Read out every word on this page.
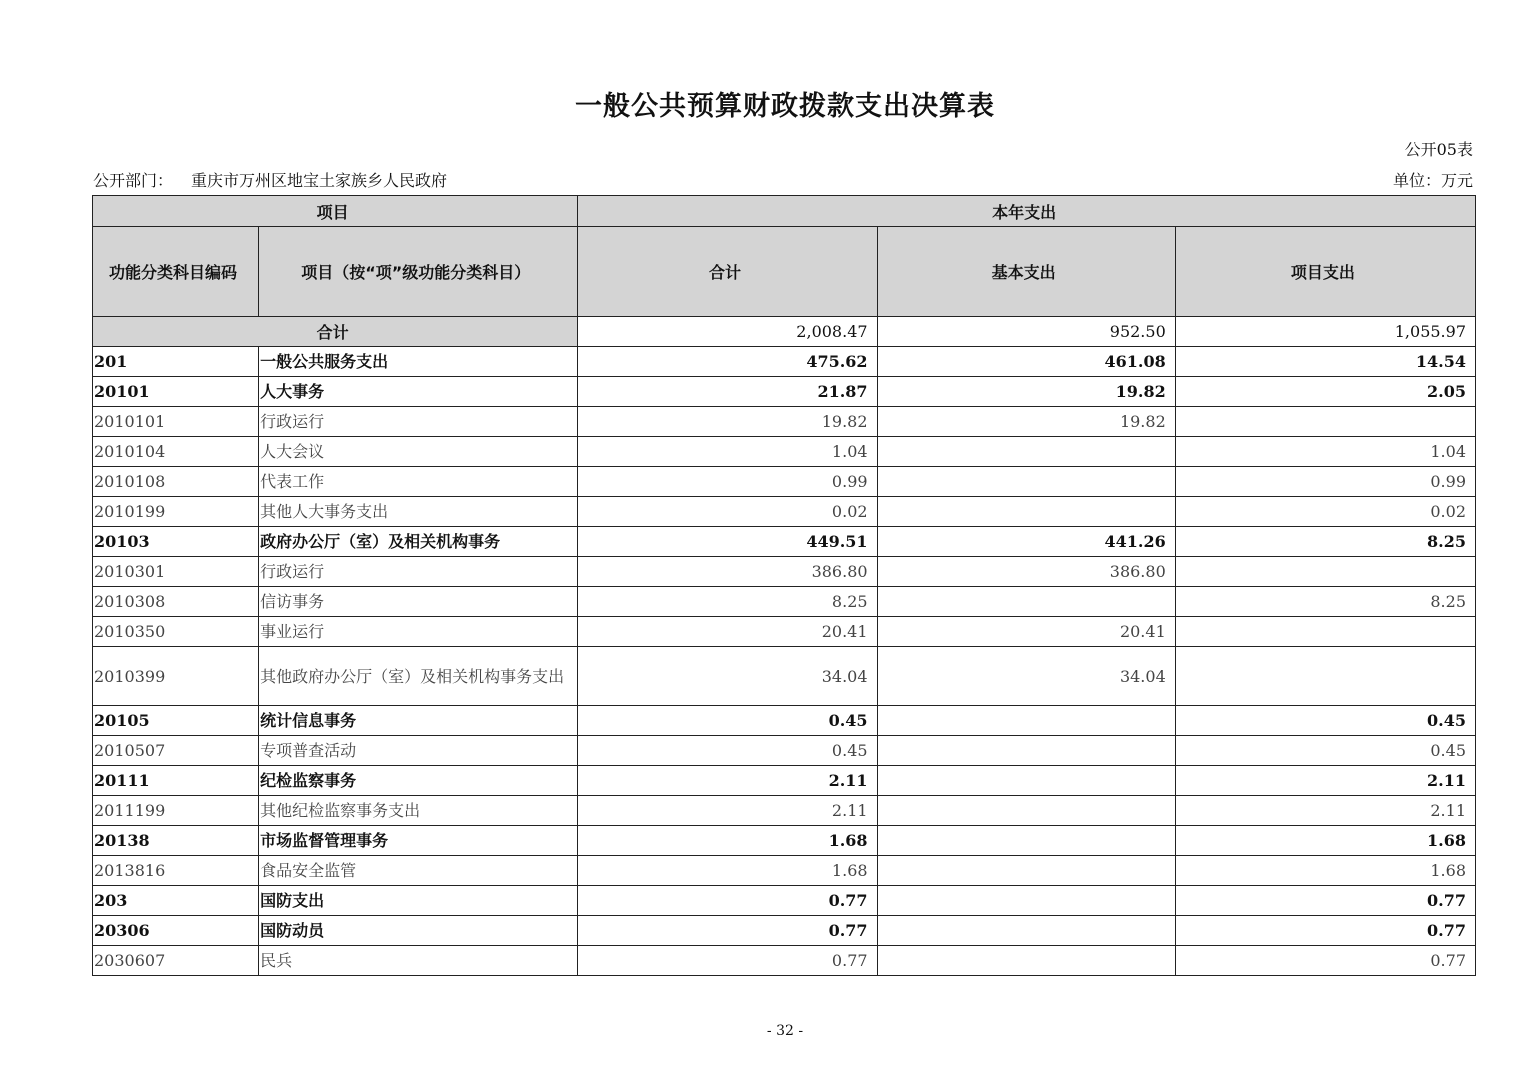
一般公共预算财政拨款支出决算表
公开05表
公开部门： 重庆市万州区地宝土家族乡人民政府	单位：万元
项目		本年支出		
功能分类科目编码	项目（按“项”级功能分类科目）	合计	基本支出	项目支出
合计		2,008.47	952.50	1,055.97
201	一般公共服务支出	475.62	461.08	14.54
20101	人大事务	21.87	19.82	2.05
2010101	行政运行	19.82	19.82	
2010104	人大会议	1.04		1.04
2010108	代表工作	0.99		0.99
2010199	其他人大事务支出	0.02		0.02
20103	政府办公厅（室）及相关机构事务	449.51	441.26	8.25
2010301	行政运行	386.80	386.80	
2010308	信访事务	8.25		8.25
2010350	事业运行	20.41	20.41	
2010399	其他政府办公厅（室）及相关机构事务支出	34.04	34.04	
20105	统计信息事务	0.45		0.45
2010507	专项普查活动	0.45		0.45
20111	纪检监察事务	2.11		2.11
2011199	其他纪检监察事务支出	2.11		2.11
20138	市场监督管理事务	1.68		1.68
2013816	食品安全监管	1.68		1.68
203	国防支出	0.77		0.77
20306	国防动员	0.77		0.77
2030607	民兵	0.77		0.77
- 32 -
